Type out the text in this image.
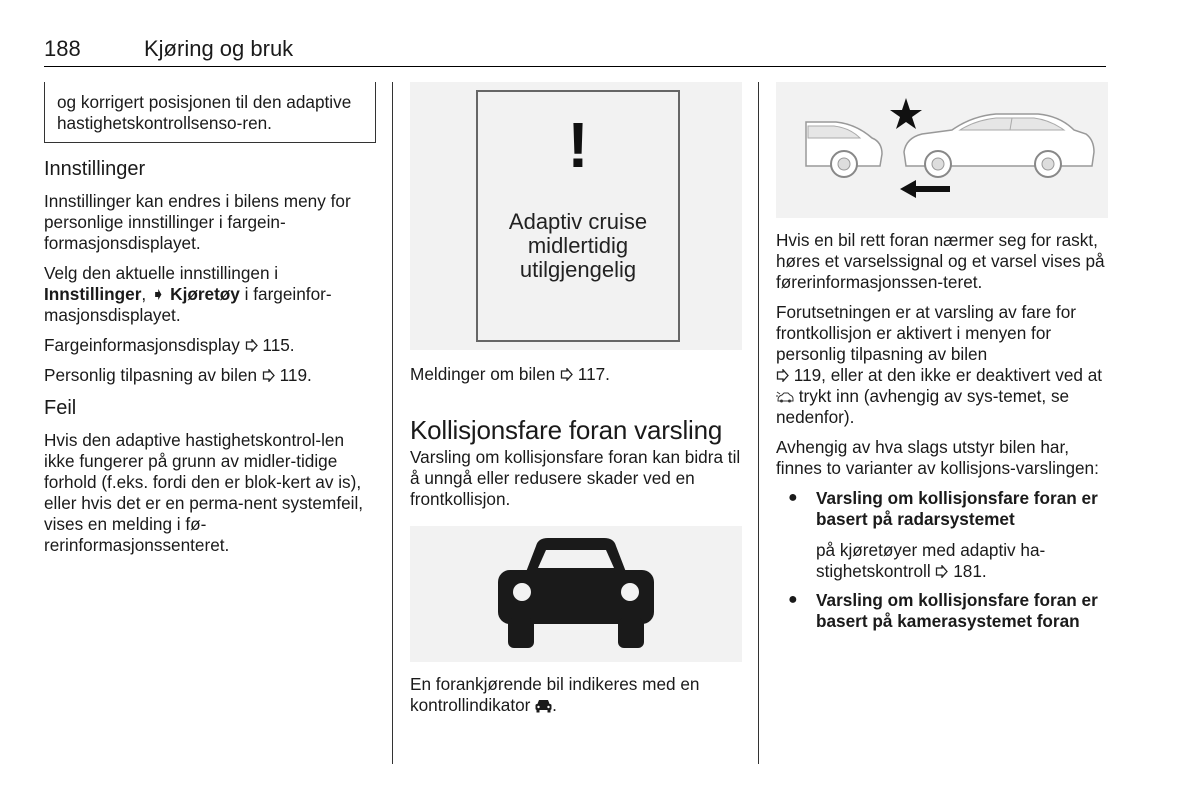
188	Kjøring og bruk

og korrigert posisjonen til den adaptive hastighetskontrollsenso-ren.

Innstillinger

Innstillinger kan endres i bilens meny for personlige innstillinger i fargein-formasjonsdisplayet.

Velg den aktuelle innstillingen i Innstillinger, ➧ Kjøretøy i fargeinfor-masjonsdisplayet.

Fargeinformasjonsdisplay 115.

Personlig tilpasning av bilen 119.

Feil

Hvis den adaptive hastighetskontrol-len ikke fungerer på grunn av midler-tidige forhold (f.eks. fordi den er blok-kert av is), eller hvis det er en perma-nent systemfeil, vises en melding i fø-rerinformasjonssenteret.

!
Adaptiv cruise
midlertidig
utilgjengelig

Meldinger om bilen 117.

Kollisjonsfare foran varsling

Varsling om kollisjonsfare foran kan bidra til å unngå eller redusere skader ved en frontkollisjon.

En forankjørende bil indikeres med en kontrollindikator .

Hvis en bil rett foran nærmer seg for raskt, høres et varselssignal og et varsel vises på førerinformasjonssen-teret.

Forutsetningen er at varsling av fare for frontkollisjon er aktivert i menyen for personlig tilpasning av bilen
119, eller at den ikke er deaktivert ved at  trykt inn (avhengig av sys-temet, se nedenfor).

Avhengig av hva slags utstyr bilen har, finnes to varianter av kollisjons-varslingen:

● Varsling om kollisjonsfare foran er basert på radarsystemet

på kjøretøyer med adaptiv ha-stighetskontroll 181.

● Varsling om kollisjonsfare foran er basert på kamerasystemet foran
